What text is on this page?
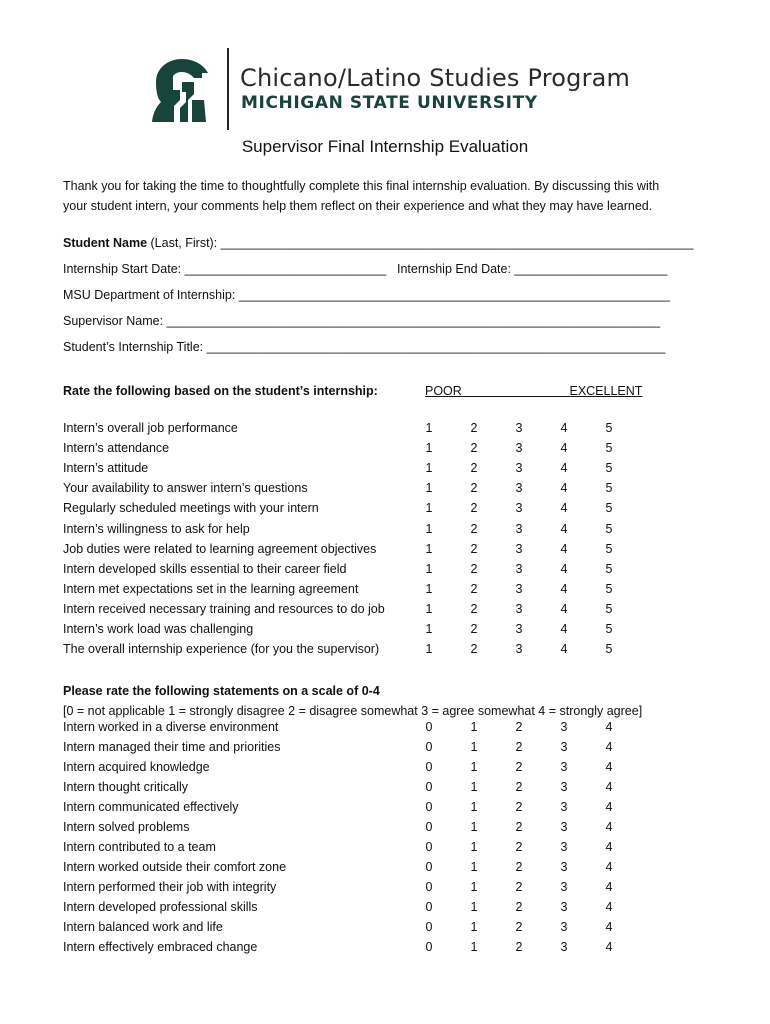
Chicano/Latino Studies Program
MICHIGAN STATE UNIVERSITY
Supervisor Final Internship Evaluation
Thank you for taking the time to thoughtfully complete this final internship evaluation. By discussing this with
your student intern, your comments help them reflect on their experience and what they may have learned.
Student Name (Last, First): ____________________________________________________________________
Internship Start Date: _____________________________ Internship End Date: ______________________
MSU Department of Internship: ______________________________________________________________
Supervisor Name: _______________________________________________________________________
Student’s Internship Title: __________________________________________________________________
Rate the following based on the student’s internship:	POOR	EXCELLENT
Intern’s overall job performance	1	2	3	4	5
Intern’s attendance	1	2	3	4	5
Intern’s attitude	1	2	3	4	5
Your availability to answer intern’s questions	1	2	3	4	5
Regularly scheduled meetings with your intern	1	2	3	4	5
Intern’s willingness to ask for help	1	2	3	4	5
Job duties were related to learning agreement objectives	1	2	3	4	5
Intern developed skills essential to their career field	1	2	3	4	5
Intern met expectations set in the learning agreement	1	2	3	4	5
Intern received necessary training and resources to do job	1	2	3	4	5
Intern’s work load was challenging	1	2	3	4	5
The overall internship experience (for you the supervisor)	1	2	3	4	5
Please rate the following statements on a scale of 0-4
[0 = not applicable 1 = strongly disagree 2 = disagree somewhat 3 = agree somewhat 4 = strongly agree]
Intern worked in a diverse environment	0	1	2	3	4
Intern managed their time and priorities	0	1	2	3	4
Intern acquired knowledge	0	1	2	3	4
Intern thought critically	0	1	2	3	4
Intern communicated effectively	0	1	2	3	4
Intern solved problems	0	1	2	3	4
Intern contributed to a team	0	1	2	3	4
Intern worked outside their comfort zone	0	1	2	3	4
Intern performed their job with integrity	0	1	2	3	4
Intern developed professional skills	0	1	2	3	4
Intern balanced work and life	0	1	2	3	4
Intern effectively embraced change	0	1	2	3	4
